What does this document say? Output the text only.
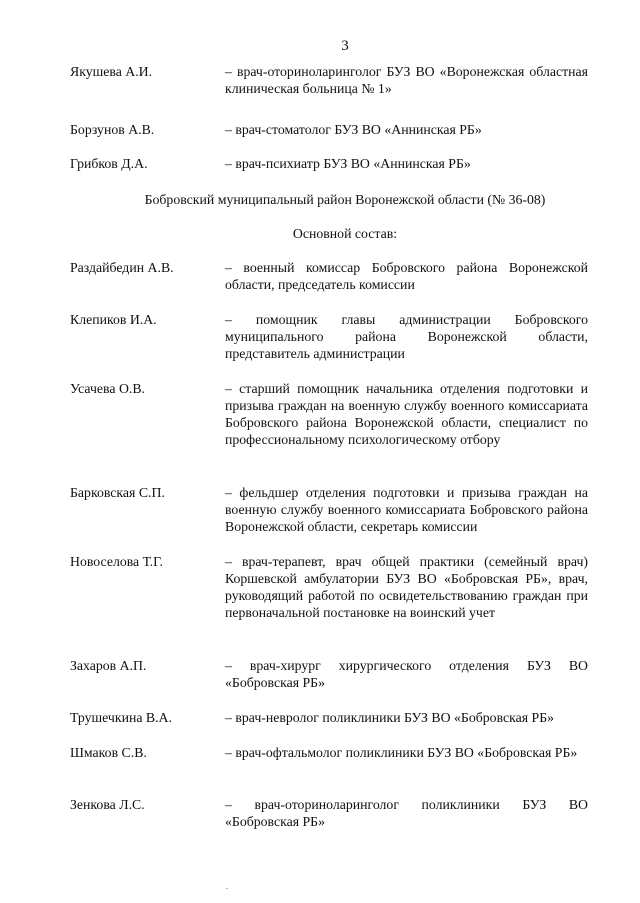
3
Якушева А.И.	– врач-оториноларинголог БУЗ ВО «Воронежская областная клиническая больница № 1»
Борзунов А.В.	– врач-стоматолог БУЗ ВО «Аннинская РБ»
Грибков Д.А.	– врач-психиатр БУЗ ВО «Аннинская РБ»
Бобровский муниципальный район Воронежской области (№ 36-08)
Основной состав:
Раздайбедин А.В.	– военный комиссар Бобровского района Воронежской области, председатель комиссии
Клепиков И.А.	– помощник главы администрации Бобровского муниципального района Воронежской области, представитель администрации
Усачева О.В.	– старший помощник начальника отделения подготовки и призыва граждан на военную службу военного комиссариата Бобровского района Воронежской области, специалист по профессиональному психологическому отбору
Барковская С.П.	– фельдшер отделения подготовки и призыва граждан на военную службу военного комиссариата Бобровского района Воронежской области, секретарь комиссии
Новоселова Т.Г.	– врач-терапевт, врач общей практики (семейный врач) Коршевской амбулатории БУЗ ВО «Бобровская РБ», врач, руководящий работой по освидетельствованию граждан при первоначальной постановке на воинский учет
Захаров А.П.	– врач-хирург хирургического отделения БУЗ ВО «Бобровская РБ»
Трушечкина В.А.	– врач-невролог поликлиники БУЗ ВО «Бобровская РБ»
Шмаков С.В.	– врач-офтальмолог поликлиники БУЗ ВО «Бобровская РБ»
Зенкова Л.С.	– врач-оториноларинголог поликлиники БУЗ ВО «Бобровская РБ»
